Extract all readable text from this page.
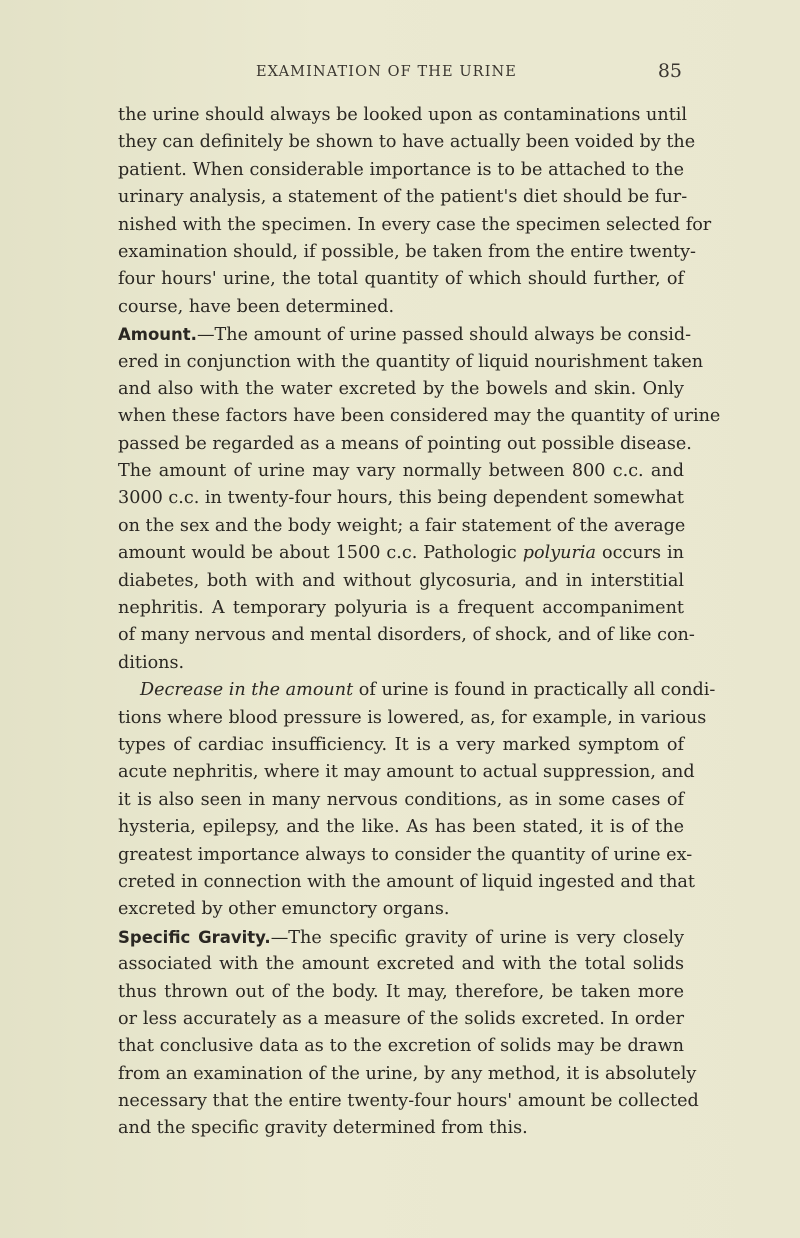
EXAMINATION OF THE URINE	85
the urine should always be looked upon as contaminations until
they can definitely be shown to have actually been voided by the
patient. When considerable importance is to be attached to the
urinary analysis, a statement of the patient's diet should be fur-
nished with the specimen. In every case the specimen selected for
examination should, if possible, be taken from the entire twenty-
four hours' urine, the total quantity of which should further, of
course, have been determined.
Amount.—The amount of urine passed should always be consid-
ered in conjunction with the quantity of liquid nourishment taken
and also with the water excreted by the bowels and skin. Only
when these factors have been considered may the quantity of urine
passed be regarded as a means of pointing out possible disease.
The amount of urine may vary normally between 800 c.c. and
3000 c.c. in twenty-four hours, this being dependent somewhat
on the sex and the body weight; a fair statement of the average
amount would be about 1500 c.c. Pathologic polyuria occurs in
diabetes, both with and without glycosuria, and in interstitial
nephritis. A temporary polyuria is a frequent accompaniment
of many nervous and mental disorders, of shock, and of like con-
ditions.
Decrease in the amount of urine is found in practically all condi-
tions where blood pressure is lowered, as, for example, in various
types of cardiac insufficiency. It is a very marked symptom of
acute nephritis, where it may amount to actual suppression, and
it is also seen in many nervous conditions, as in some cases of
hysteria, epilepsy, and the like. As has been stated, it is of the
greatest importance always to consider the quantity of urine ex-
creted in connection with the amount of liquid ingested and that
excreted by other emunctory organs.
Specific Gravity.—The specific gravity of urine is very closely
associated with the amount excreted and with the total solids
thus thrown out of the body. It may, therefore, be taken more
or less accurately as a measure of the solids excreted. In order
that conclusive data as to the excretion of solids may be drawn
from an examination of the urine, by any method, it is absolutely
necessary that the entire twenty-four hours' amount be collected
and the specific gravity determined from this.
